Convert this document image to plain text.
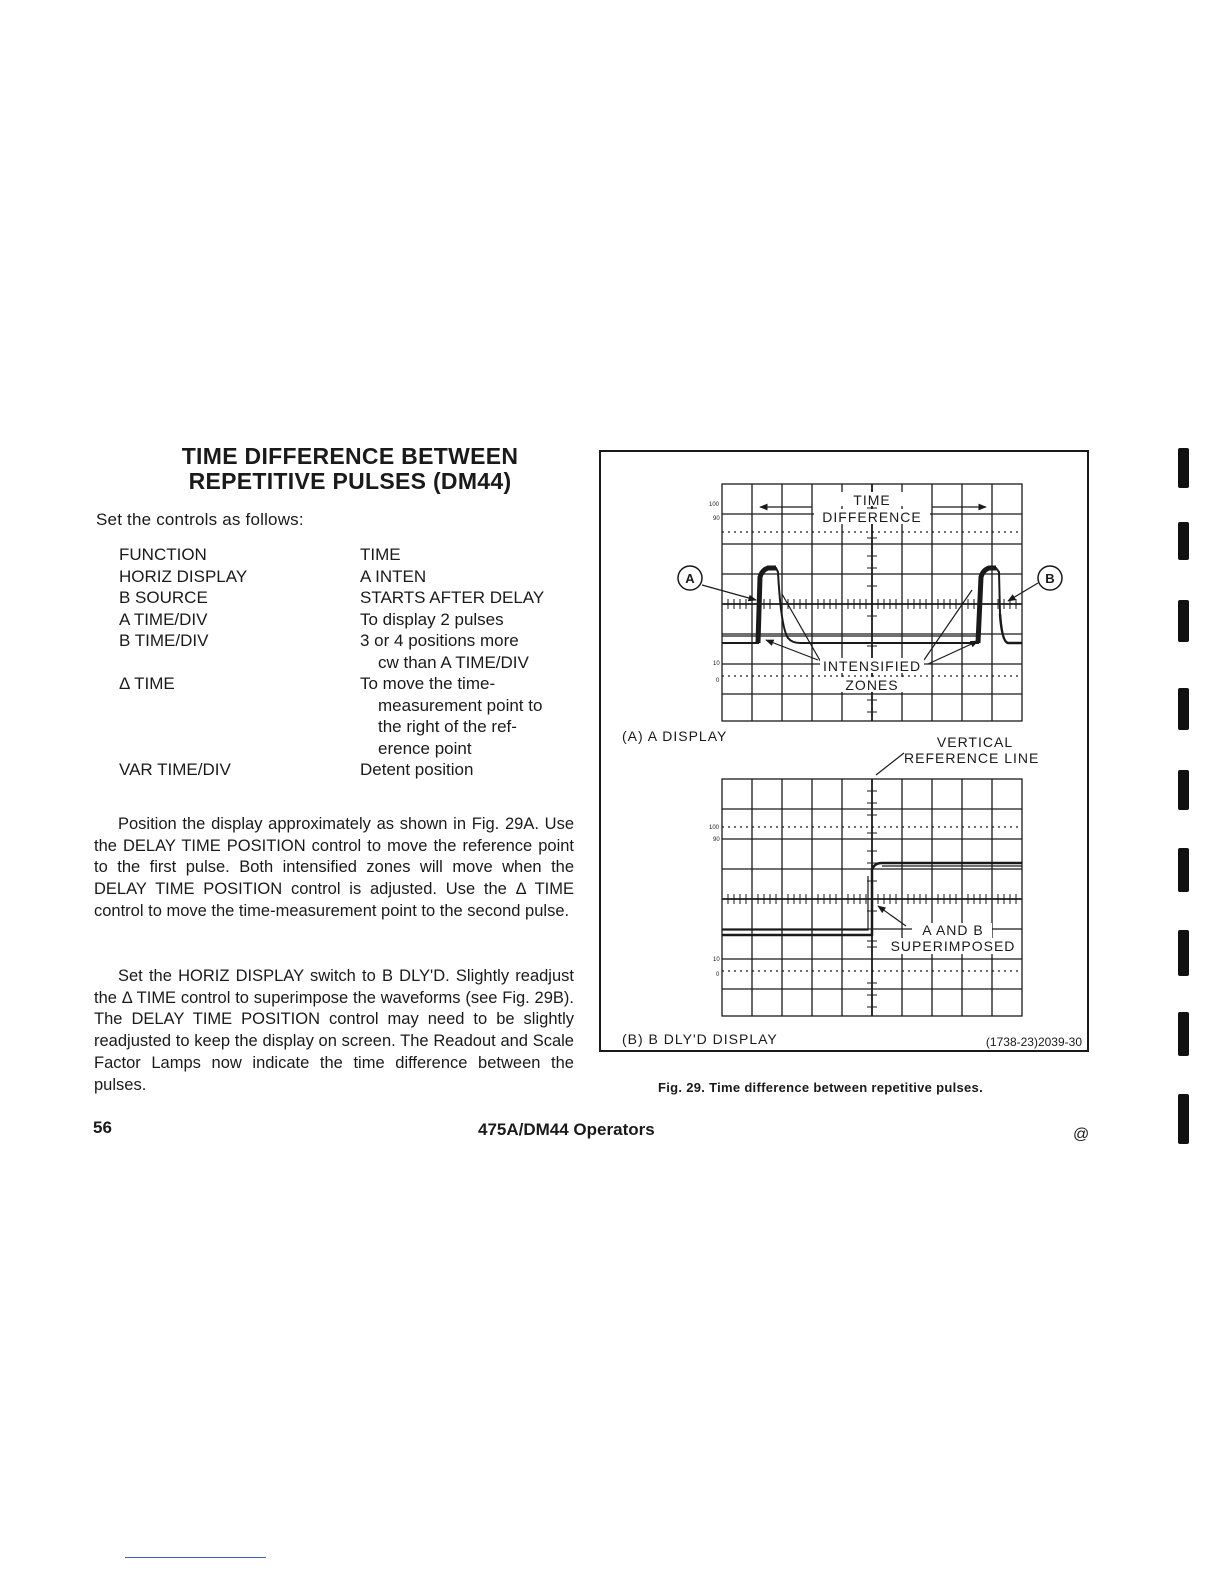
TIME DIFFERENCE BETWEEN
REPETITIVE PULSES (DM44)
Set the controls as follows:
FUNCTION	TIME
HORIZ DISPLAY	A INTEN
B SOURCE	STARTS AFTER DELAY
A TIME/DIV	To display 2 pulses
B TIME/DIV	3 or 4 positions more
cw than A TIME/DIV
Δ TIME	To move the time-
measurement point to
the right of the ref-
erence point
VAR TIME/DIV	Detent position

Position the display approximately as shown in Fig. 29A. Use the DELAY TIME POSITION control to move the reference point to the first pulse. Both intensified zones will move when the DELAY TIME POSITION control is adjusted. Use the Δ TIME control to move the time-measurement point to the second pulse.

Set the HORIZ DISPLAY switch to B DLY'D. Slightly readjust the Δ TIME control to superimpose the waveforms (see Fig. 29B). The DELAY TIME POSITION control may need to be slightly readjusted to keep the display on screen. The Readout and Scale Factor Lamps now indicate the time difference between the pulses.

A	B
TIME
DIFFERENCE
INTENSIFIED
ZONES
100
90
10
0
(A) A DISPLAY	VERTICAL
REFERENCE LINE
A AND B
SUPERIMPOSED
100
90
10
0
(B) B DLY'D DISPLAY	(1738-23)2039-30
Fig. 29. Time difference between repetitive pulses.
56	475A/DM44 Operators	@
